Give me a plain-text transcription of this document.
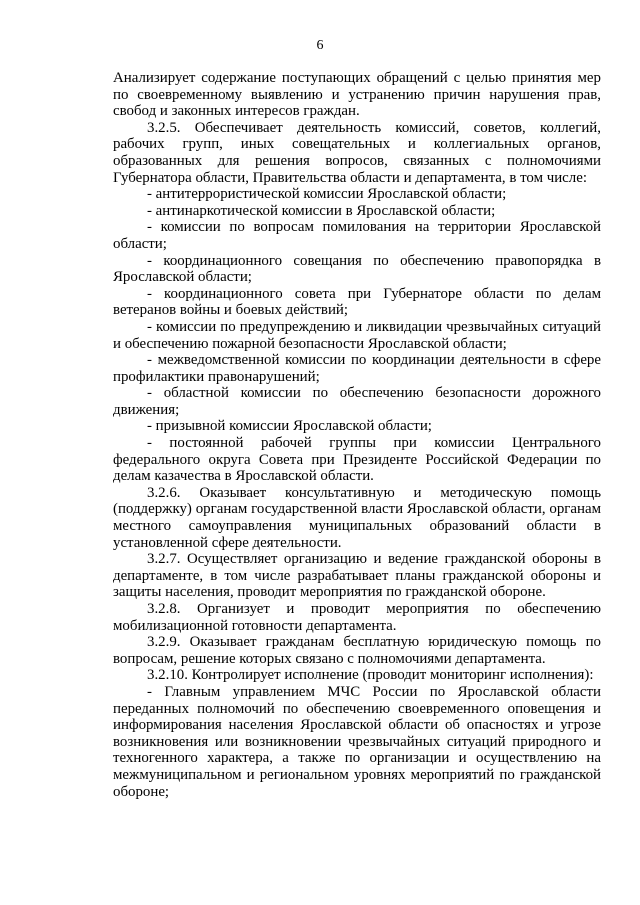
6

Анализирует содержание поступающих обращений с целью принятия мер по своевременному выявлению и устранению причин нарушения прав, свобод и законных интересов граждан.

3.2.5. Обеспечивает деятельность комиссий, советов, коллегий, рабочих групп, иных совещательных и коллегиальных органов, образованных для решения вопросов, связанных с полномочиями Губернатора области, Правительства области и департамента, в том числе:

- антитеррористической комиссии Ярославской области;

- антинаркотической комиссии в Ярославской области;

- комиссии по вопросам помилования на территории Ярославской области;

- координационного совещания по обеспечению правопорядка в Ярославской области;

- координационного совета при Губернаторе области по делам ветеранов войны и боевых действий;

- комиссии по предупреждению и ликвидации чрезвычайных ситуаций и обеспечению пожарной безопасности Ярославской области;

- межведомственной комиссии по координации деятельности в сфере профилактики правонарушений;

- областной комиссии по обеспечению безопасности дорожного движения;

- призывной комиссии Ярославской области;

- постоянной рабочей группы при комиссии Центрального федерального округа Совета при Президенте Российской Федерации по делам казачества в Ярославской области.

3.2.6. Оказывает консультативную и методическую помощь (поддержку) органам государственной власти Ярославской области, органам местного самоуправления муниципальных образований области в установленной сфере деятельности.

3.2.7. Осуществляет организацию и ведение гражданской обороны в департаменте, в том числе разрабатывает планы гражданской обороны и защиты населения, проводит мероприятия по гражданской обороне.

3.2.8. Организует и проводит мероприятия по обеспечению мобилизационной готовности департамента.

3.2.9. Оказывает гражданам бесплатную юридическую помощь по вопросам, решение которых связано с полномочиями департамента.

3.2.10. Контролирует исполнение (проводит мониторинг исполнения):

- Главным управлением МЧС России по Ярославской области переданных полномочий по обеспечению своевременного оповещения и информирования населения Ярославской области об опасностях и угрозе возникновения или возникновении чрезвычайных ситуаций природного и техногенного характера, а также по организации и осуществлению на межмуниципальном и региональном уровнях мероприятий по гражданской обороне;
